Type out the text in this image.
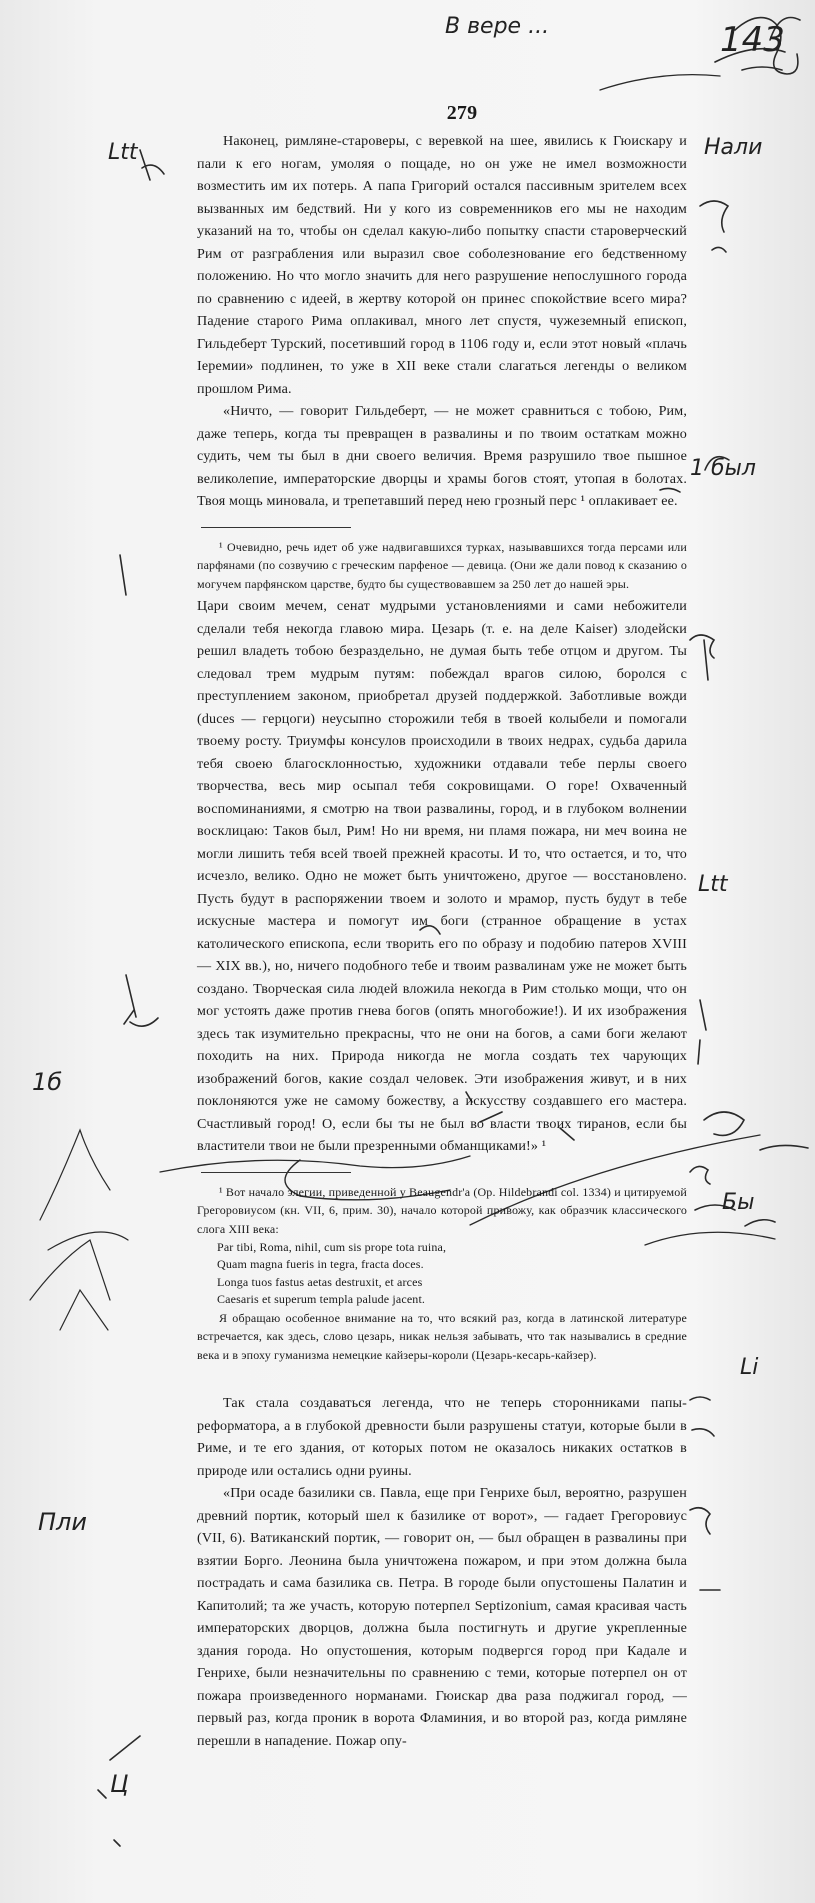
В вере ...	143
Нали
1 был
Ltt
Бы
Li
Ltt
1б
Пли
Ц
279

Наконец, римляне-староверы, с веревкой на шее, явились к Гюискару и пали к его ногам, умоляя о пощаде, но он уже не имел возможности возместить им их потерь. А папа Григорий остался пассивным зрителем всех вызванных им бедствий. Ни у кого из современников его мы не находим указаний на то, чтобы он сделал какую-либо попытку спасти староверческий Рим от разграбления или выразил свое соболезнование его бедственному положению. Но что могло значить для него разрушение непослушного города по сравнению с идеей, в жертву которой он принес спокойствие всего мира? Падение старого Рима оплакивал, много лет спустя, чужеземный епископ, Гильдеберт Турский, посетивший город в 1106 году и, если этот новый «плачь Іеремии» подлинен, то уже в XII веке стали слагаться легенды о великом прошлом Рима.

«Ничто, — говорит Гильдеберт, — не может сравниться с тобою, Рим, даже теперь, когда ты превращен в развалины и по твоим остаткам можно судить, чем ты был в дни своего величия. Время разрушило твое пышное великолепие, императорские дворцы и храмы богов стоят, утопая в болотах. Твоя мощь миновала, и трепетавший перед нею грозный перс ¹ оплакивает ее.

¹ Очевидно, речь идет об уже надвигавшихся турках, называвшихся тогда персами или парфянами (по созвучию с греческим парфеное — девица. (Они же дали повод к сказанию о могучем парфянском царстве, будто бы существовавшем за 250 лет до нашей эры.

Цари своим мечем, сенат мудрыми установлениями и сами небожители сделали тебя некогда главою мира. Цезарь (т. е. на деле Kaiser) злодейски решил владеть тобою безраздельно, не думая быть тебе отцом и другом. Ты следовал трем мудрым путям: побеждал врагов силою, боролся с преступлением законом, приобретал друзей поддержкой. Заботливые вожди (duces — герцоги) неусыпно сторожили тебя в твоей колыбели и помогали твоему росту. Триумфы консулов происходили в твоих недрах, судьба дарила тебя своею благосклонностью, художники отдавали тебе перлы своего творчества, весь мир осыпал тебя сокровищами. О горе! Охваченный воспоминаниями, я смотрю на твои развалины, город, и в глубоком волнении восклицаю: Таков был, Рим! Но ни время, ни пламя пожара, ни меч воина не могли лишить тебя всей твоей прежней красоты. И то, что остается, и то, что исчезло, велико. Одно не может быть уничтожено, другое — восстановлено. Пусть будут в распоряжении твоем и золото и мрамор, пусть будут в тебе искусные мастера и помогут им боги (странное обращение в устах католического епископа, если творить его по образу и подобию патеров XVIII — XIX вв.), но, ничего подобного тебе и твоим развалинам уже не может быть создано. Творческая сила людей вложила некогда в Рим столько мощи, что он мог устоять даже против гнева богов (опять многобожие!). И их изображения здесь так изумительно прекрасны, что не они на богов, а сами боги желают походить на них. Природа никогда не могла создать тех чарующих изображений богов, какие создал человек. Эти изображения живут, и в них поклоняются уже не самому божеству, а искусству создавшего его мастера. Счастливый город! О, если бы ты не был во власти твоих тиранов, если бы властители твои не были презренными обманщиками!» ¹

¹ Вот начало элегии, приведенной у Beaugendr'a (Op. Hildebrandi col. 1334) и цитируемой Грегоровиусом (кн. VII, 6, прим. 30), начало которой привожу, как образчик классического слога XIII века:

Par tibi, Roma, nihil, cum sis prope tota ruina,
Quam magna fueris in tegra, fracta doces.
Longa tuos fastus aetas destruxit, et arces
Caesaris et superum templa palude jacent.

Я обращаю особенное внимание на то, что всякий раз, когда в латинской литературе встречается, как здесь, слово цезарь, никак нельзя забывать, что так назывались в средние века и в эпоху гуманизма немецкие кайзеры-короли (Цезарь-кесарь-кайзер).

Так стала создаваться легенда, что не теперь сторонниками папы-реформатора, а в глубокой древности были разрушены статуи, которые были в Риме, и те его здания, от которых потом не оказалось никаких остатков в природе или остались одни руины.

«При осаде базилики св. Павла, еще при Генрихе был, вероятно, разрушен древний портик, который шел к базилике от ворот», — гадает Грегоровиус (VII, 6). Ватиканский портик, — говорит он, — был обращен в развалины при взятии Борго. Леонина была уничтожена пожаром, и при этом должна была пострадать и сама базилика св. Петра. В городе были опустошены Палатин и Капитолий; та же участь, которую потерпел Septizonium, самая красивая часть императорских дворцов, должна была постигнуть и другие укрепленные здания города. Но опустошения, которым подвергся город при Кадале и Генрихе, были незначительны по сравнению с теми, которые потерпел он от пожара произведенного норманами. Гюискар два раза поджигал город, — первый раз, когда проник в ворота Фламиния, и во второй раз, когда римляне перешли в нападение. Пожар опу-
